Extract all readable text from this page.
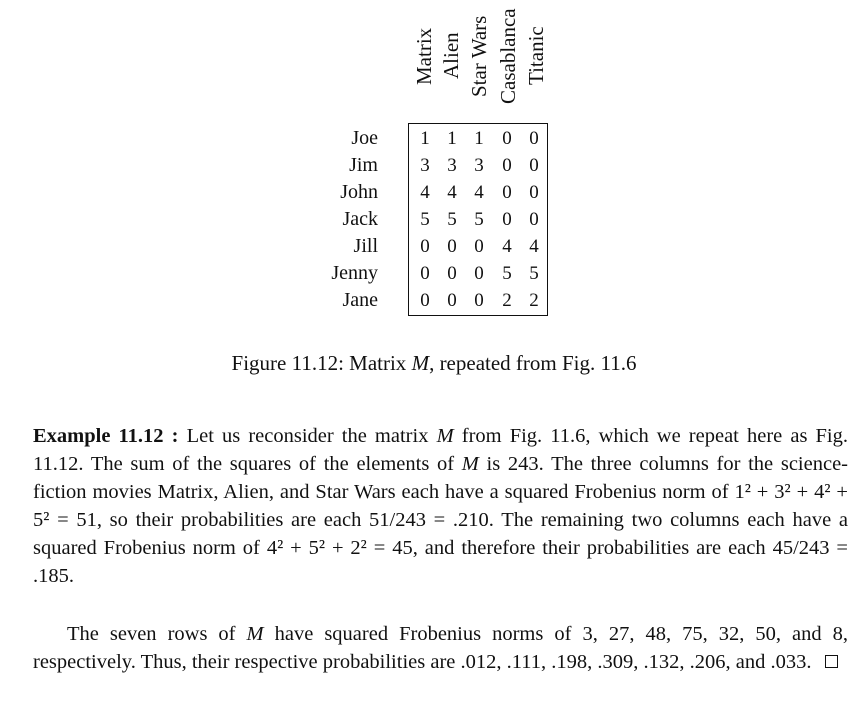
Matrix Alien Star Wars Casablanca Titanic
Joe
Jim
John
Jack
Jill
Jenny
Jane
1 1 1 0 0
3 3 3 0 0
4 4 4 0 0
5 5 5 0 0
0 0 0 4 4
0 0 0 5 5
0 0 0 2 2
Figure 11.12: Matrix M, repeated from Fig. 11.6
Example 11.12 : Let us reconsider the matrix M from Fig. 11.6, which we repeat here as Fig. 11.12. The sum of the squares of the elements of M is 243. The three columns for the science-fiction movies Matrix, Alien, and Star Wars each have a squared Frobenius norm of 1² + 3² + 4² + 5² = 51, so their probabilities are each 51/243 = .210. The remaining two columns each have a squared Frobenius norm of 4² + 5² + 2² = 45, and therefore their probabilities are each 45/243 = .185.
The seven rows of M have squared Frobenius norms of 3, 27, 48, 75, 32, 50, and 8, respectively. Thus, their respective probabilities are .012, .111, .198, .309, .132, .206, and .033.
